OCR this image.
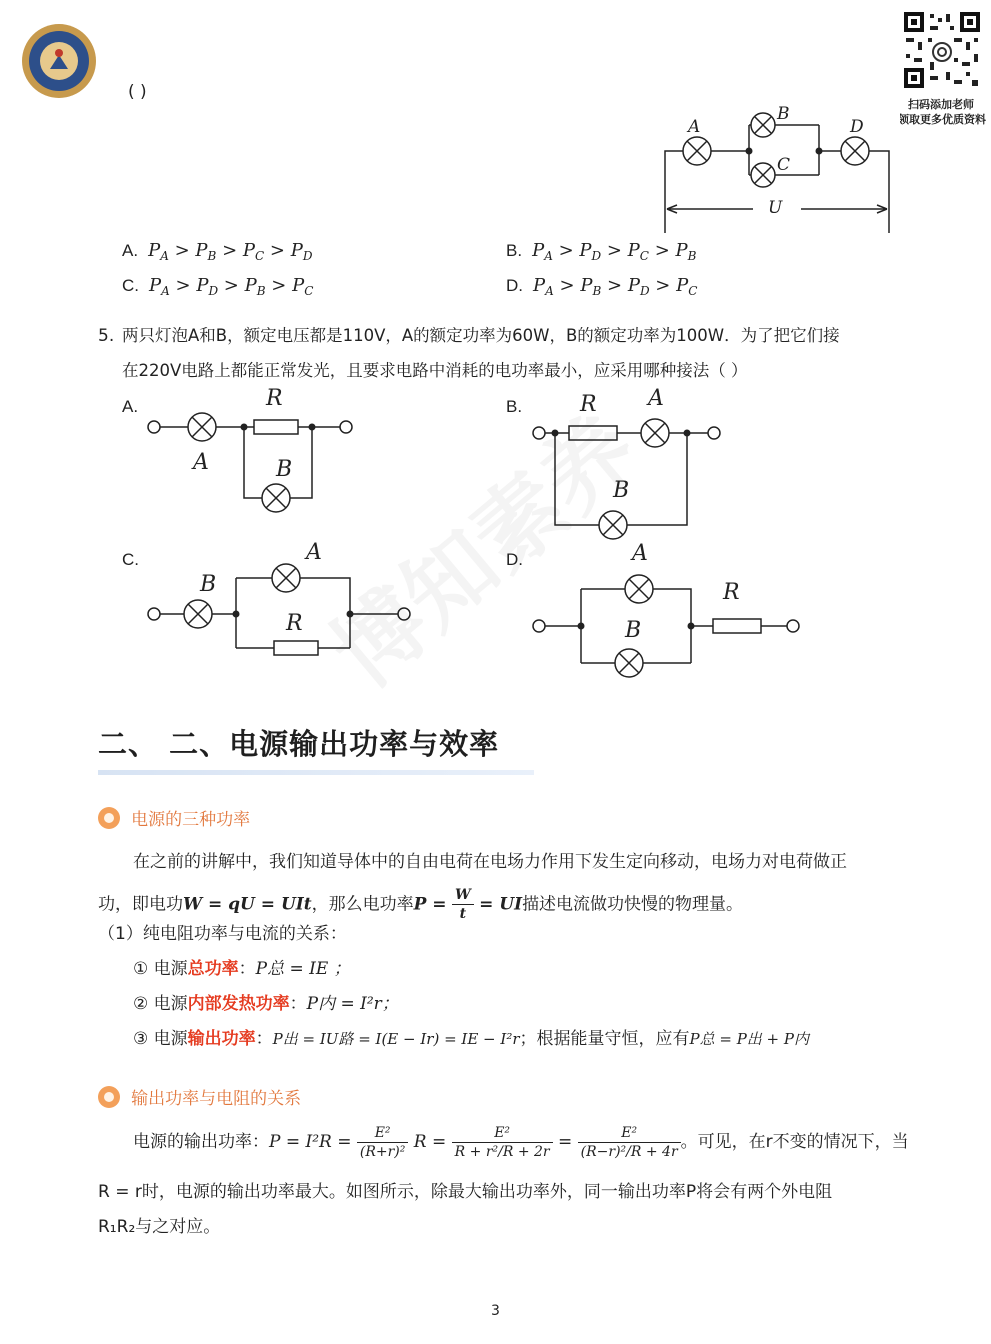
( )
扫码添加老师
领取更多优质资料
A
B
C
D
U
A. $P_A > P_B > P_C > P_D$	B. $P_A > P_D > P_C > P_B$
C. $P_A > P_D > P_B > P_C$	D. $P_A > P_B > P_D > P_C$
5. 两只灯泡A和B，额定电压都是110V，A的额定功率为60W，B的额定功率为100W．为了把它们接
在220V电路上都能正常发光，且要求电路中消耗的电功率最小，应采用哪种接法（ ）
A.	B.
C.	D.
R
A	B
R A
B
B
A
R
A
B
R
二、 二、电源输出功率与效率
电源的三种功率
在之前的讲解中，我们知道导体中的自由电荷在电场力作用下发生定向移动，电场力对电荷做正
功，即电功W = qU = UIt，那么电功率$P = \frac{W}{t}$ = UI描述电流做功快慢的物理量。
（1）纯电阻功率与电流的关系：
① 电源总功率：P总 = IE ；
② 电源内部发热功率：P内 = I²r；
③ 电源输出功率：P出 = IU路 = I(E − Ir) = IE − I²r；根据能量守恒，应有P总 = P出 + P内
输出功率与电阻的关系
电源的输出功率：$P = I^2R = \frac{\text{E²}}{\text{(R+r)²}}$ $R = \frac{\text{E²}}{\text{R + r²/R + 2r}} = \frac{\text{E²}}{\text{(R−r)²/R + 4r}}$ 。可见，在r不变的情况下，当
R = r时，电源的输出功率最大。如图所示，除最大输出功率外，同一输出功率P将会有两个外电阻
R₁R₂与之对应。
3
